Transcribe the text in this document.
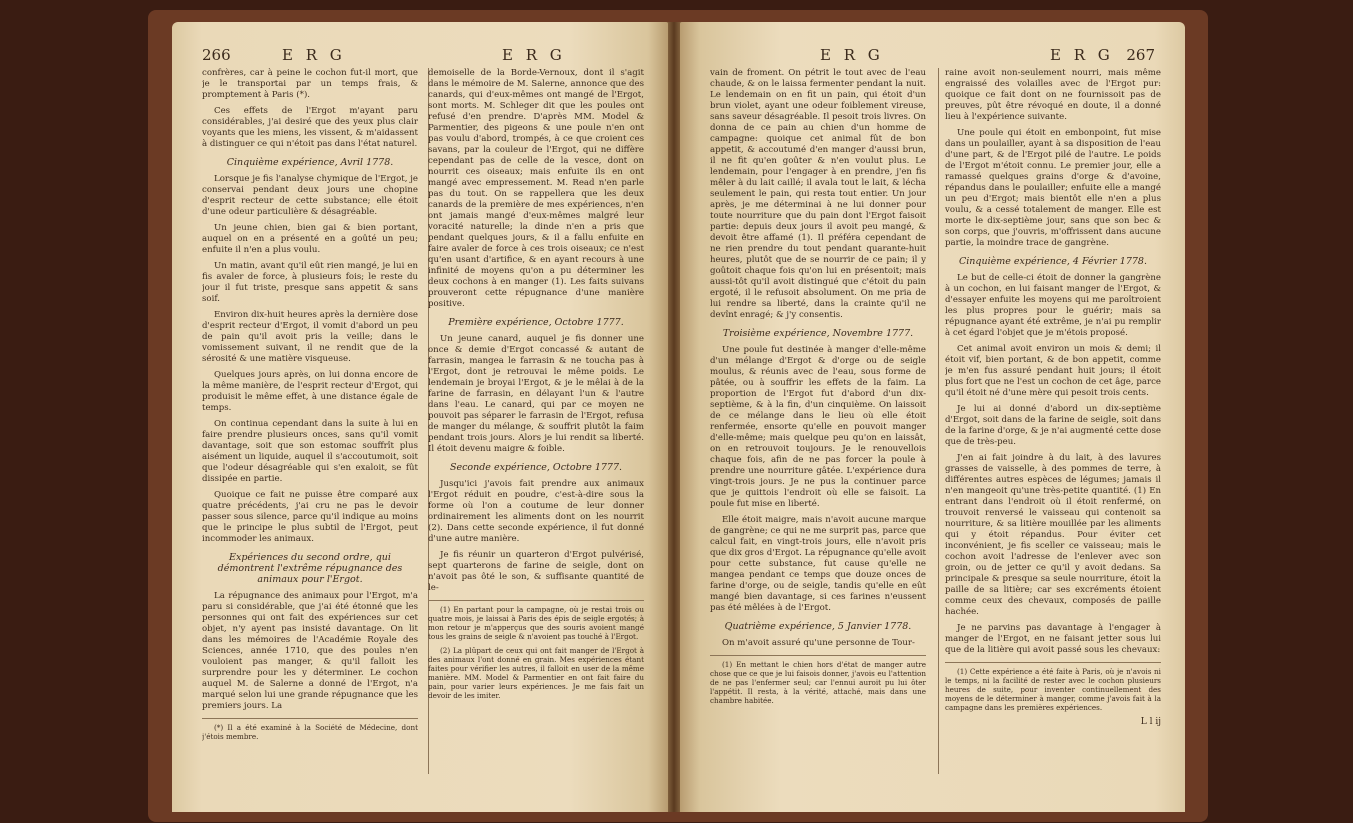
266	E R G	E R G

confrères, car à peine le cochon fut-il mort, que je le transportai par un temps frais, & promptement à Paris (*).

Ces effets de l'Ergot m'ayant paru considérables, j'ai desiré que des yeux plus clair voyants que les miens, les vissent, & m'aidassent à distinguer ce qui n'étoit pas dans l'état naturel.

Cinquième expérience, Avril 1778.

Lorsque je fis l'analyse chymique de l'Ergot, je conservai pendant deux jours une chopine d'esprit recteur de cette substance; elle étoit d'une odeur particulière & désagréable.

Un jeune chien, bien gai & bien portant, auquel on en a présenté en a goûté un peu; enfuite il n'en a plus voulu.

Un matin, avant qu'il eût rien mangé, je lui en fis avaler de force, à plusieurs fois; le reste du jour il fut triste, presque sans appetit & sans soif.

Environ dix-huit heures après la dernière dose d'esprit recteur d'Ergot, il vomit d'abord un peu de pain qu'il avoit pris la veille; dans le vomissement suivant, il ne rendit que de la sérosité & une matière visqueuse.

Quelques jours après, on lui donna encore de la même manière, de l'esprit recteur d'Ergot, qui produisit le même effet, à une distance égale de temps.

On continua cependant dans la suite à lui en faire prendre plusieurs onces, sans qu'il vomit davantage, soit que son estomac souffrît plus aisément un liquide, auquel il s'accoutumoit, soit que l'odeur désagréable qui s'en exaloit, se fût dissipée en partie.

Quoique ce fait ne puisse être comparé aux quatre précédents, j'ai cru ne pas le devoir passer sous silence, parce qu'il indique au moins que le principe le plus subtil de l'Ergot, peut incommoder les animaux.

Expériences du second ordre, qui démontrent l'extrême répugnance des animaux pour l'Ergot.

La répugnance des animaux pour l'Ergot, m'a paru si considérable, que j'ai été étonné que les personnes qui ont fait des expériences sur cet objet, n'y ayent pas insisté davantage. On lit dans les mémoires de l'Académie Royale des Sciences, année 1710, que des poules n'en vouloient pas manger, & qu'il falloit les surprendre pour les y déterminer. Le cochon auquel M. de Salerne a donné de l'Ergot, n'a marqué selon lui une grande répugnance que les premiers jours. La

(*) Il a été examiné à la Société de Médecine, dont j'étois membre.

demoiselle de la Borde-Vernoux, dont il s'agit dans le mémoire de M. Salerne, annonce que des canards, qui d'eux-mêmes ont mangé de l'Ergot, sont morts. M. Schleger dit que les poules ont refusé d'en prendre. D'après MM. Model & Parmentier, des pigeons & une poule n'en ont pas voulu d'abord, trompés, à ce que croient ces savans, par la couleur de l'Ergot, qui ne diffère cependant pas de celle de la vesce, dont on nourrit ces oiseaux; mais enfuite ils en ont mangé avec empressement. M. Read n'en parle pas du tout. On se rappellera que les deux canards de la première de mes expériences, n'en ont jamais mangé d'eux-mêmes malgré leur voracité naturelle; la dinde n'en a pris que pendant quelques jours, & il a fallu enfuite en faire avaler de force à ces trois oiseaux; ce n'est qu'en usant d'artifice, & en ayant recours à une infinité de moyens qu'on a pu déterminer les deux cochons à en manger (1). Les faits suivans prouveront cette répugnance d'une manière positive.

Première expérience, Octobre 1777.

Un jeune canard, auquel je fis donner une once & demie d'Ergot concassé & autant de farrasin, mangea le farrasin & ne toucha pas à l'Ergot, dont je retrouvai le même poids. Le lendemain je broyai l'Ergot, & je le mêlai à de la farine de farrasin, en délayant l'un & l'autre dans l'eau. Le canard, qui par ce moyen ne pouvoit pas séparer le farrasin de l'Ergot, refusa de manger du mélange, & souffrit plutôt la faim pendant trois jours. Alors je lui rendit sa liberté. Il étoit devenu maigre & foible.

Seconde expérience, Octobre 1777.

Jusqu'ici j'avois fait prendre aux animaux l'Ergot réduit en poudre, c'est-à-dire sous la forme où l'on a coutume de leur donner ordinairement les aliments dont on les nourrit (2). Dans cette seconde expérience, il fut donné d'une autre manière.

Je fis réunir un quarteron d'Ergot pulvérisé, sept quarterons de farine de seigle, dont on n'avoit pas ôté le son, & suffisante quantité de le-

(1) En partant pour la campagne, où je restai trois ou quatre mois, je laissai à Paris des épis de seigle ergotés; à mon retour je m'apperçus que des souris avoient mangé tous les grains de seigle & n'avoient pas touché à l'Ergot.

(2) La plûpart de ceux qui ont fait manger de l'Ergot à des animaux l'ont donné en grain. Mes expériences étant faites pour vérifier les autres, il falloit en user de la même manière. MM. Model & Parmentier en ont fait faire du pain, pour varier leurs expériences. Je me fais fait un devoir de les imiter.

E R G	E R G 267

vain de froment. On pétrit le tout avec de l'eau chaude, & on le laissa fermenter pendant la nuit. Le lendemain on en fit un pain, qui étoit d'un brun violet, ayant une odeur foiblement vireuse, sans saveur désagréable. Il pesoit trois livres. On donna de ce pain au chien d'un homme de campagne: quoique cet animal fût de bon appetit, & accoutumé d'en manger d'aussi brun, il ne fit qu'en goûter & n'en voulut plus. Le lendemain, pour l'engager à en prendre, j'en fis mêler à du lait caillé; il avala tout le lait, & lécha seulement le pain, qui resta tout entier. Un jour après, je me déterminai à ne lui donner pour toute nourriture que du pain dont l'Ergot faisoit partie: depuis deux jours il avoit peu mangé, & devoit être affamé (1). Il préféra cependant de ne rien prendre du tout pendant quarante-huit heures, plutôt que de se nourrir de ce pain; il y goûtoit chaque fois qu'on lui en présentoit; mais aussi-tôt qu'il avoit distingué que c'étoit du pain ergoté, il le refusoit absolument. On me pria de lui rendre sa liberté, dans la crainte qu'il ne devînt enragé; & j'y consentis.

Troisième expérience, Novembre 1777.

Une poule fut destinée à manger d'elle-même d'un mélange d'Ergot & d'orge ou de seigle moulus, & réunis avec de l'eau, sous forme de pâtée, ou à souffrir les effets de la faim. La proportion de l'Ergot fut d'abord d'un dix-septième, & à la fin, d'un cinquième. On laissoit de ce mélange dans le lieu où elle étoit renfermée, ensorte qu'elle en pouvoit manger d'elle-même; mais quelque peu qu'on en laissât, on en retrouvoit toujours. Je le renouvellois chaque fois, afin de ne pas forcer la poule à prendre une nourriture gâtée. L'expérience dura vingt-trois jours. Je ne pus la continuer parce que je quittois l'endroit où elle se faisoit. La poule fut mise en liberté.

Elle étoit maigre, mais n'avoit aucune marque de gangrène; ce qui ne me surprit pas, parce que calcul fait, en vingt-trois jours, elle n'avoit pris que dix gros d'Ergot. La répugnance qu'elle avoit pour cette substance, fut cause qu'elle ne mangea pendant ce temps que douze onces de farine d'orge, ou de seigle, tandis qu'elle en eût mangé bien davantage, si ces farines n'eussent pas été mêlées à de l'Ergot.

Quatrième expérience, 5 Janvier 1778.

On m'avoit assuré qu'une personne de Tour-

(1) En mettant le chien hors d'état de manger autre chose que ce que je lui faisois donner, j'avois eu l'attention de ne pas l'enfermer seul; car l'ennui auroit pu lui ôter l'appétit. Il resta, à la vérité, attaché, mais dans une chambre habitée.

raine avoit non-seulement nourri, mais même engraissé des volailles avec de l'Ergot pur: quoique ce fait dont on ne fournissoit pas de preuves, pût être révoqué en doute, il a donné lieu à l'expérience suivante.

Une poule qui étoit en embonpoint, fut mise dans un poulailler, ayant à sa disposition de l'eau d'une part, & de l'Ergot pilé de l'autre. Le poids de l'Ergot m'étoit connu. Le premier jour, elle a ramassé quelques grains d'orge & d'avoine, répandus dans le poulailler; enfuite elle a mangé un peu d'Ergot; mais bientôt elle n'en a plus voulu, & a cessé totalement de manger. Elle est morte le dix-septième jour, sans que son bec & son corps, que j'ouvris, m'offrissent dans aucune partie, la moindre trace de gangrène.

Cinquième expérience, 4 Février 1778.

Le but de celle-ci étoit de donner la gangrène à un cochon, en lui faisant manger de l'Ergot, & d'essayer enfuite les moyens qui me paroîtroient les plus propres pour le guérir; mais sa répugnance ayant été extrême, je n'ai pu remplir à cet égard l'objet que je m'étois proposé.

Cet animal avoit environ un mois & demi; il étoit vif, bien portant, & de bon appetit, comme je m'en fus assuré pendant huit jours; il étoit plus fort que ne l'est un cochon de cet âge, parce qu'il étoit né d'une mère qui pesoit trois cents.

Je lui ai donné d'abord un dix-septième d'Ergot, soit dans de la farine de seigle, soit dans de la farine d'orge, & je n'ai augmenté cette dose que de très-peu.

J'en ai fait joindre à du lait, à des lavures grasses de vaisselle, à des pommes de terre, à différentes autres espèces de légumes; jamais il n'en mangeoit qu'une très-petite quantité. (1) En entrant dans l'endroit où il étoit renfermé, on trouvoit renversé le vaisseau qui contenoit sa nourriture, & sa litière mouillée par les aliments qui y étoit répandus. Pour éviter cet inconvénient, je fis sceller ce vaisseau; mais le cochon avoit l'adresse de l'enlever avec son groin, ou de jetter ce qu'il y avoit dedans. Sa principale & presque sa seule nourriture, étoit la paille de sa litière; car ses excréments étoient comme ceux des chevaux, composés de paille hachée.

Je ne parvins pas davantage à l'engager à manger de l'Ergot, en ne faisant jetter sous lui que de la litière qui avoit passé sous les chevaux:

(1) Cette expérience a été faite à Paris, où je n'avois ni le temps, ni la facilité de rester avec le cochon plusieurs heures de suite, pour inventer continuellement des moyens de le déterminer à manger, comme j'avois fait à la campagne dans les premières expériences.

L l ij
